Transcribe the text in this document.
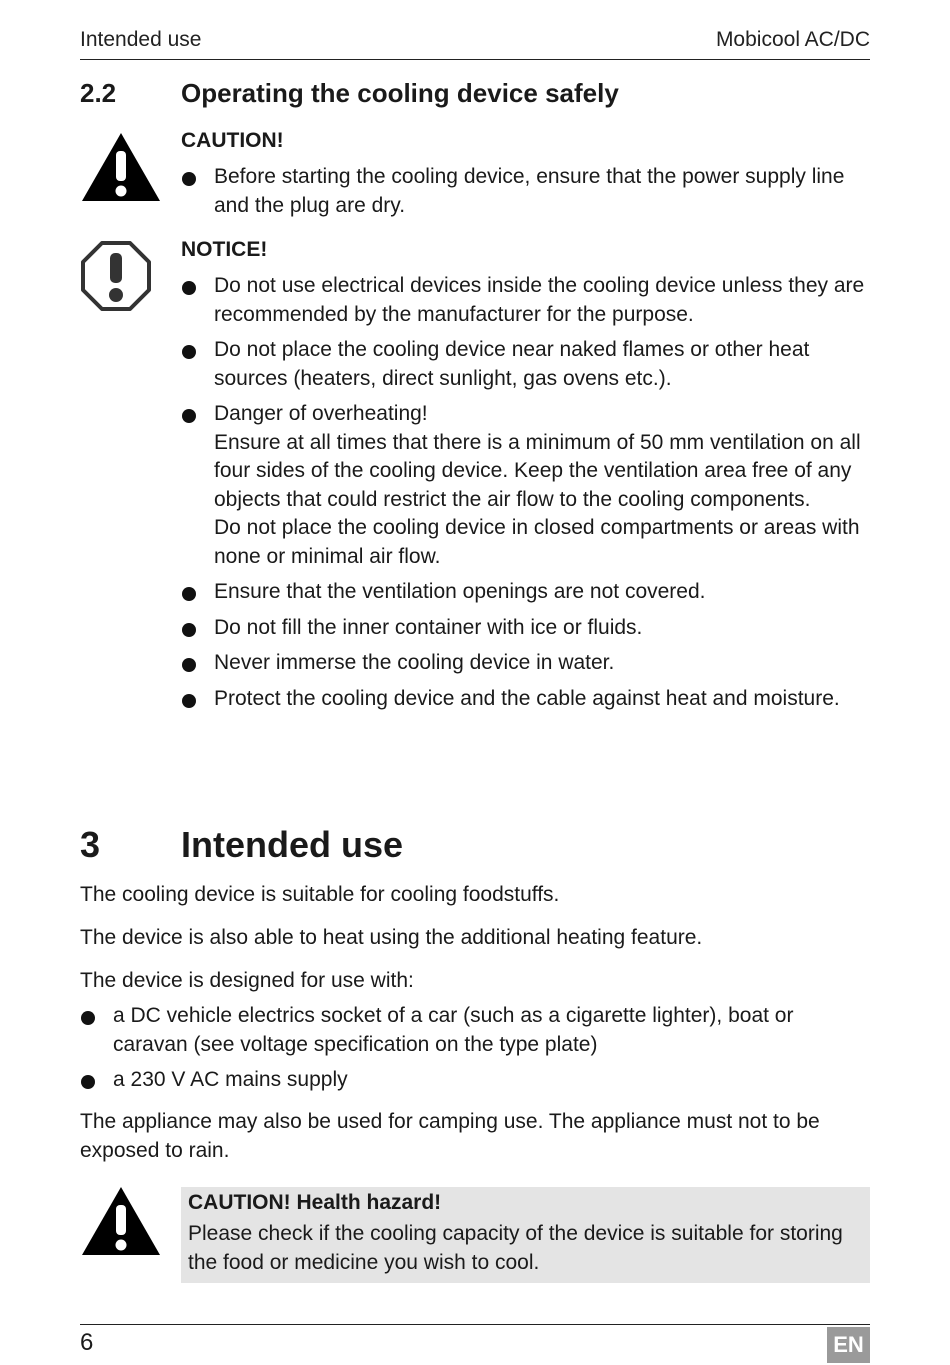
Intended use	Mobicool AC/DC
2.2 Operating the cooling device safely
CAUTION!
Before starting the cooling device, ensure that the power supply line and the plug are dry.
NOTICE!
Do not use electrical devices inside the cooling device unless they are recommended by the manufacturer for the purpose.
Do not place the cooling device near naked flames or other heat sources (heaters, direct sunlight, gas ovens etc.).
Danger of overheating!
Ensure at all times that there is a minimum of 50 mm ventilation on all four sides of the cooling device. Keep the ventilation area free of any objects that could restrict the air flow to the cooling components.
Do not place the cooling device in closed compartments or areas with none or minimal air flow.
Ensure that the ventilation openings are not covered.
Do not fill the inner container with ice or fluids.
Never immerse the cooling device in water.
Protect the cooling device and the cable against heat and moisture.
3 Intended use
The cooling device is suitable for cooling foodstuffs.
The device is also able to heat using the additional heating feature.
The device is designed for use with:
a DC vehicle electrics socket of a car (such as a cigarette lighter), boat or caravan (see voltage specification on the type plate)
a 230 V AC mains supply
The appliance may also be used for camping use. The appliance must not to be exposed to rain.
CAUTION! Health hazard!
Please check if the cooling capacity of the device is suitable for storing the food or medicine you wish to cool.
6	EN
